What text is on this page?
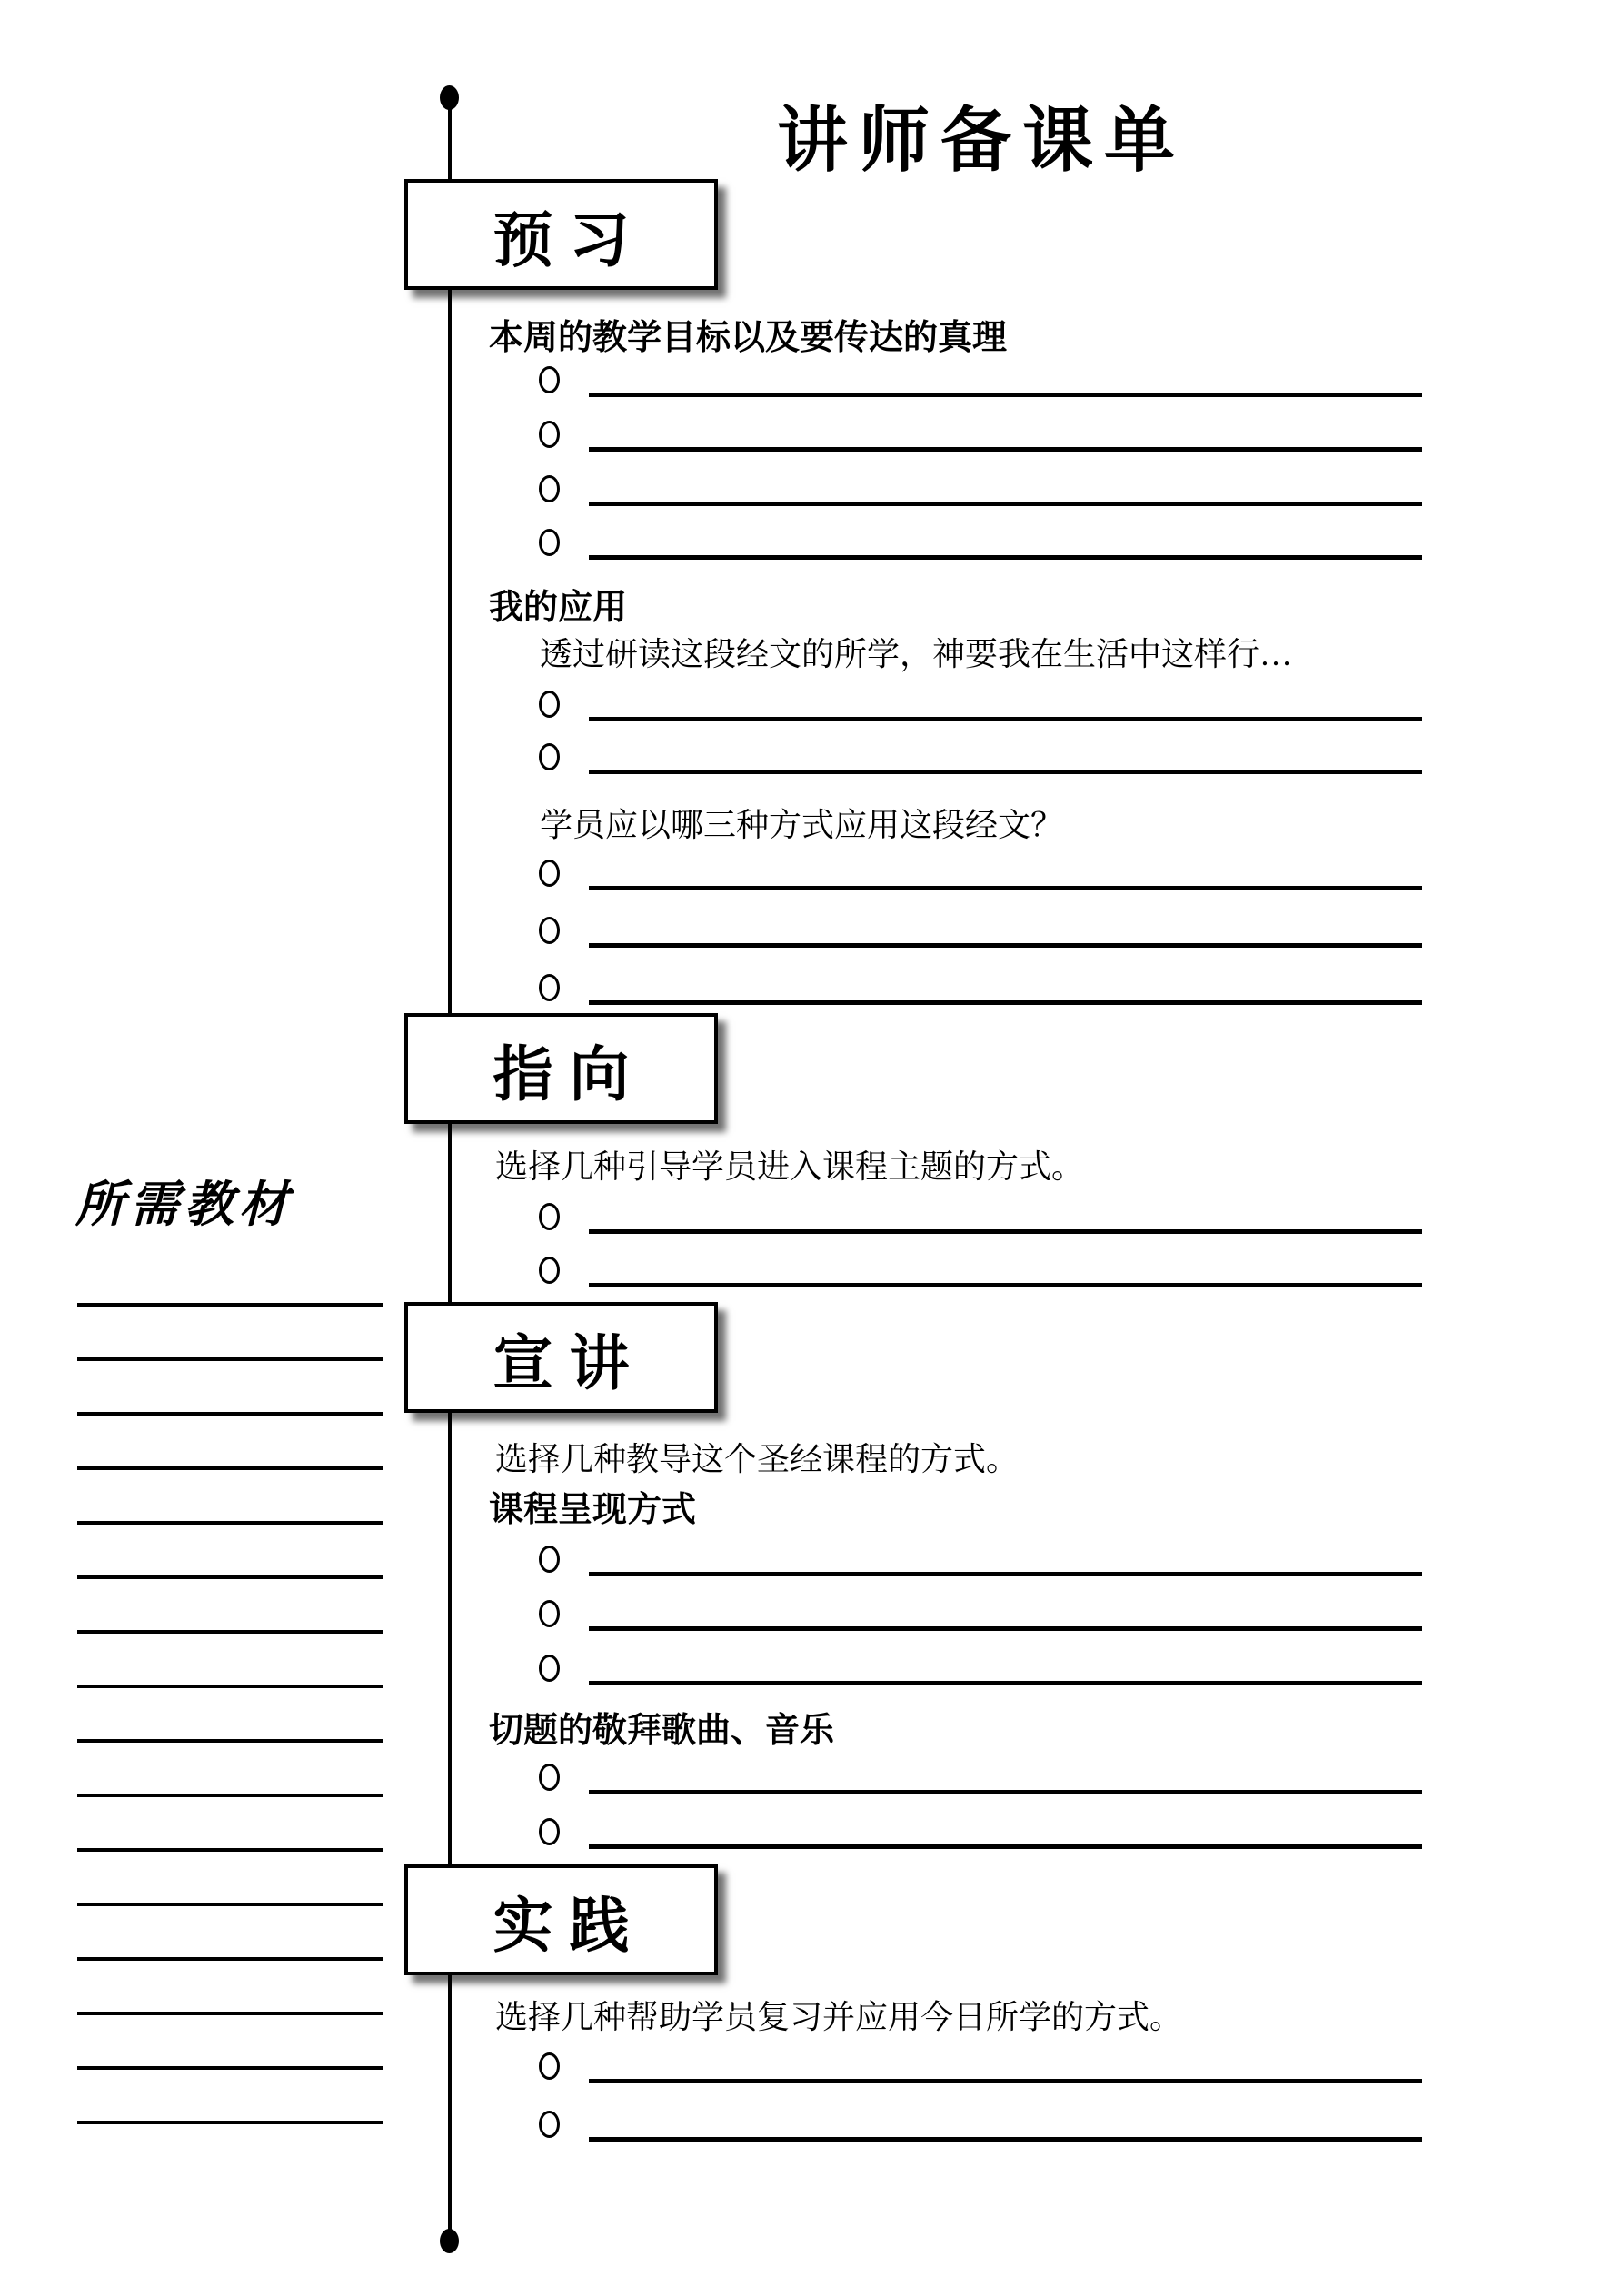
讲师备课单
预习
指向
宣讲
实践
本周的教学目标以及要传达的真理
我的应用
透过研读这段经文的所学，神要我在生活中这样行…
学员应以哪三种方式应用这段经文？
选择几种引导学员进入课程主题的方式。
选择几种教导这个圣经课程的方式。
课程呈现方式
切题的敬拜歌曲、音乐
选择几种帮助学员复习并应用今日所学的方式。
所需教材
